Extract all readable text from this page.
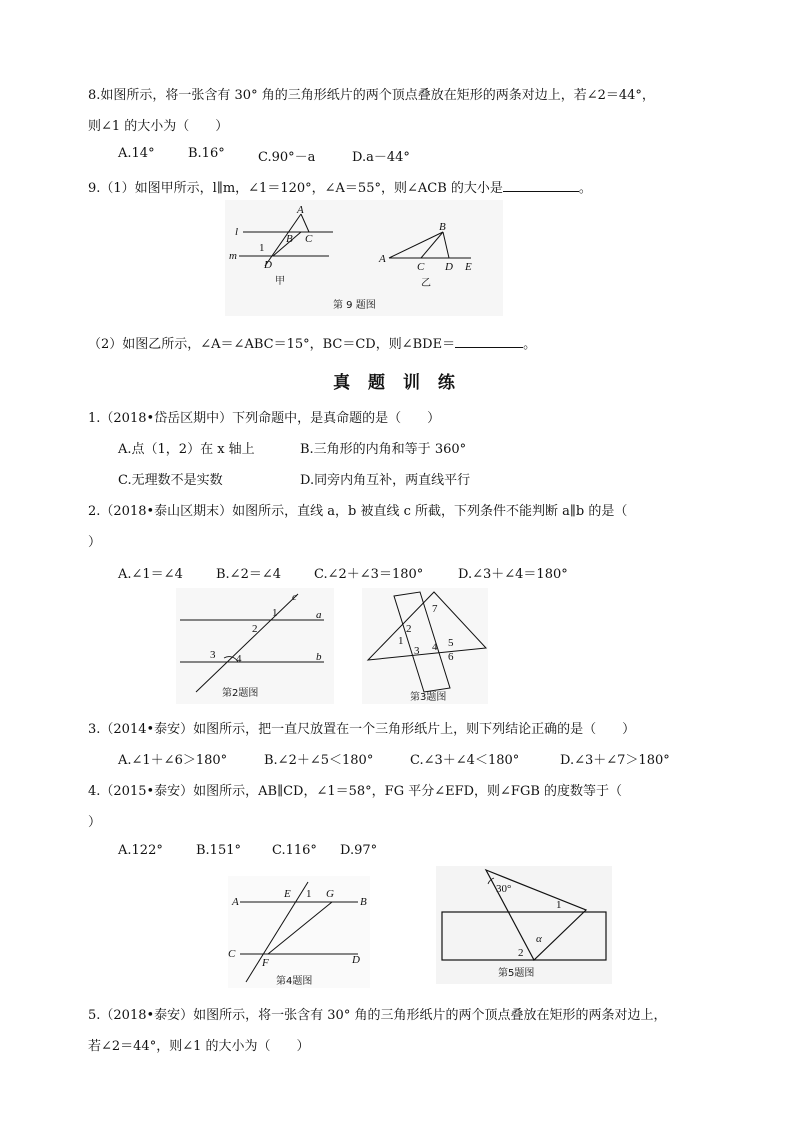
8.如图所示，将一张含有 30° 角的三角形纸片的两个顶点叠放在矩形的两条对边上，若∠2＝44°，
则∠1 的大小为（　　）
A.14°	B.16°	C.90°－a	D.a－44°
9.（1）如图甲所示，l∥m，∠1＝120°，∠A＝55°，则∠ACB 的大小是	。
A
l
m
B C
D
1
甲
A
B
C D E
乙
第 9 题图
（2）如图乙所示，∠A＝∠ABC＝15°，BC＝CD，则∠BDE＝	。
真 题 训 练
1.（2018•岱岳区期中）下列命题中，是真命题的是（　　）
A.点（1，2）在 x 轴上	B.三角形的内角和等于 360°
C.无理数不是实数	D.同旁内角互补，两直线平行
2.（2018•泰山区期末）如图所示，直线 a，b 被直线 c 所截，下列条件不能判断 a∥b 的是（
）
A.∠1＝∠4	B.∠2＝∠4	C.∠2＋∠3＝180°	D.∠3＋∠4＝180°
a
b
c
1
2
3 4
第2题图
7
2
1
3 4 5
6
第3题图
3.（2014•泰安）如图所示，把一直尺放置在一个三角形纸片上，则下列结论正确的是（　　）
A.∠1＋∠6＞180°	B.∠2＋∠5＜180°	C.∠3＋∠4＜180°	D.∠3＋∠7＞180°
4.（2015•泰安）如图所示，AB∥CD，∠1＝58°，FG 平分∠EFD，则∠FGB 的度数等于（
）
A.122°	B.151° C.116° D.97°
A	B
C	D
E
F
G
1
第4题图
30°
1
2
α
第5题图
5.（2018•泰安）如图所示，将一张含有 30° 角的三角形纸片的两个顶点叠放在矩形的两条对边上，
若∠2＝44°，则∠1 的大小为（　　）
